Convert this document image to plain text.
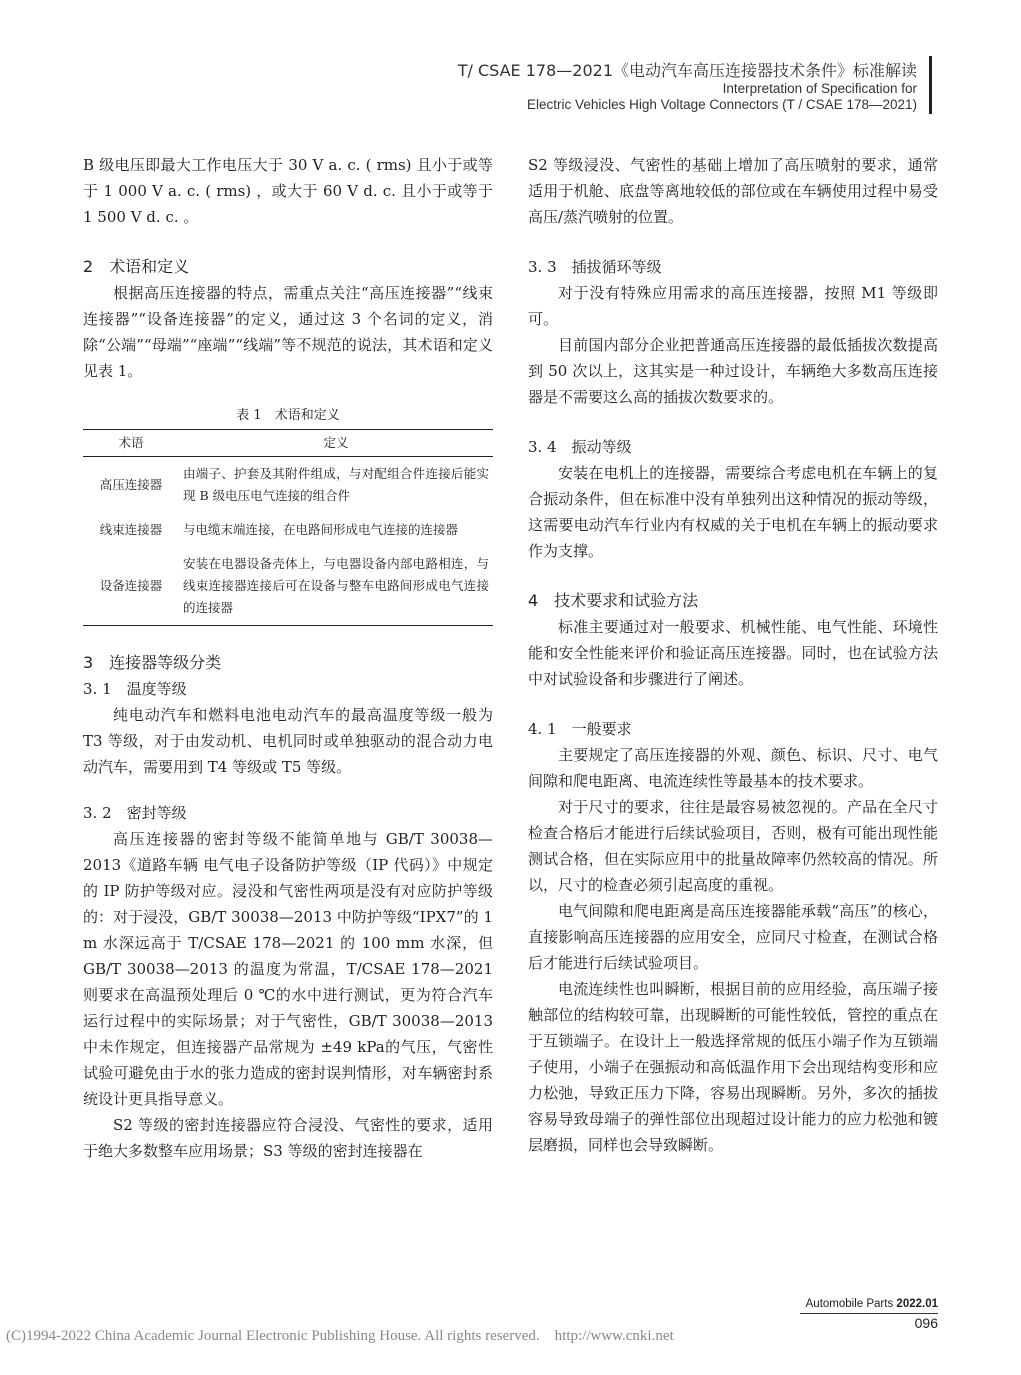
T/ CSAE 178—2021《电动汽车高压连接器技术条件》标准解读
Interpretation of Specification for
Electric Vehicles High Voltage Connectors (T / CSAE 178—2021)

B 级电压即最大工作电压大于 30 V a. c. ( rms) 且小于或等于 1 000 V a. c. ( rms) ，或大于 60 V d. c. 且小于或等于 1 500 V d. c. 。

2　术语和定义

根据高压连接器的特点，需重点关注“高压连接器”“线束连接器”“设备连接器”的定义，通过这 3 个名词的定义，消除“公端”“母端”“座端”“线端”等不规范的说法，其术语和定义见表 1。

表 1　术语和定义
术语	定义
高压连接器	由端子、护套及其附件组成，与对配组合件连接后能实现 B 级电压电气连接的组合件
线束连接器	与电缆末端连接，在电路间形成电气连接的连接器
设备连接器	安装在电器设备壳体上，与电器设备内部电路相连，与线束连接器连接后可在设备与整车电路间形成电气连接的连接器
3　连接器等级分类
3. 1　温度等级

纯电动汽车和燃料电池电动汽车的最高温度等级一般为 T3 等级，对于由发动机、电机同时或单独驱动的混合动力电动汽车，需要用到 T4 等级或 T5 等级。

3. 2　密封等级

高压连接器的密封等级不能简单地与 GB/T 30038—2013《道路车辆 电气电子设备防护等级（IP 代码）》中规定的 IP 防护等级对应。浸没和气密性两项是没有对应防护等级的：对于浸没，GB/T 30038—2013 中防护等级“IPX7”的 1 m 水深远高于 T/CSAE 178—2021 的 100 mm 水深，但 GB/T 30038—2013 的温度为常温，T/CSAE 178—2021 则要求在高温预处理后 0 ℃的水中进行测试，更为符合汽车运行过程中的实际场景；对于气密性，GB/T 30038—2013中未作规定，但连接器产品常规为 ±49 kPa的气压，气密性试验可避免由于水的张力造成的密封误判情形，对车辆密封系统设计更具指导意义。

S2 等级的密封连接器应符合浸没、气密性的要求，适用于绝大多数整车应用场景；S3 等级的密封连接器在

S2 等级浸没、气密性的基础上增加了高压喷射的要求，通常适用于机舱、底盘等离地较低的部位或在车辆使用过程中易受高压/蒸汽喷射的位置。

3. 3　插拔循环等级

对于没有特殊应用需求的高压连接器，按照 M1 等级即可。

目前国内部分企业把普通高压连接器的最低插拔次数提高到 50 次以上，这其实是一种过设计，车辆绝大多数高压连接器是不需要这么高的插拔次数要求的。

3. 4　振动等级

安装在电机上的连接器，需要综合考虑电机在车辆上的复合振动条件，但在标准中没有单独列出这种情况的振动等级，这需要电动汽车行业内有权威的关于电机在车辆上的振动要求作为支撑。

4　技术要求和试验方法

标准主要通过对一般要求、机械性能、电气性能、环境性能和安全性能来评价和验证高压连接器。同时，也在试验方法中对试验设备和步骤进行了阐述。

4. 1　一般要求

主要规定了高压连接器的外观、颜色、标识、尺寸、电气间隙和爬电距离、电流连续性等最基本的技术要求。

对于尺寸的要求，往往是最容易被忽视的。产品在全尺寸检查合格后才能进行后续试验项目，否则，极有可能出现性能测试合格，但在实际应用中的批量故障率仍然较高的情况。所以，尺寸的检查必须引起高度的重视。

电气间隙和爬电距离是高压连接器能承载“高压”的核心，直接影响高压连接器的应用安全，应同尺寸检查，在测试合格后才能进行后续试验项目。

电流连续性也叫瞬断，根据目前的应用经验，高压端子接触部位的结构较可靠，出现瞬断的可能性较低，管控的重点在于互锁端子。在设计上一般选择常规的低压小端子作为互锁端子使用，小端子在强振动和高低温作用下会出现结构变形和应力松弛，导致正压力下降，容易出现瞬断。另外，多次的插拔容易导致母端子的弹性部位出现超过设计能力的应力松弛和镀层磨损，同样也会导致瞬断。

Automobile Parts 2022.01
096
(C)1994-2022 China Academic Journal Electronic Publishing House. All rights reserved.　http://www.cnki.net
